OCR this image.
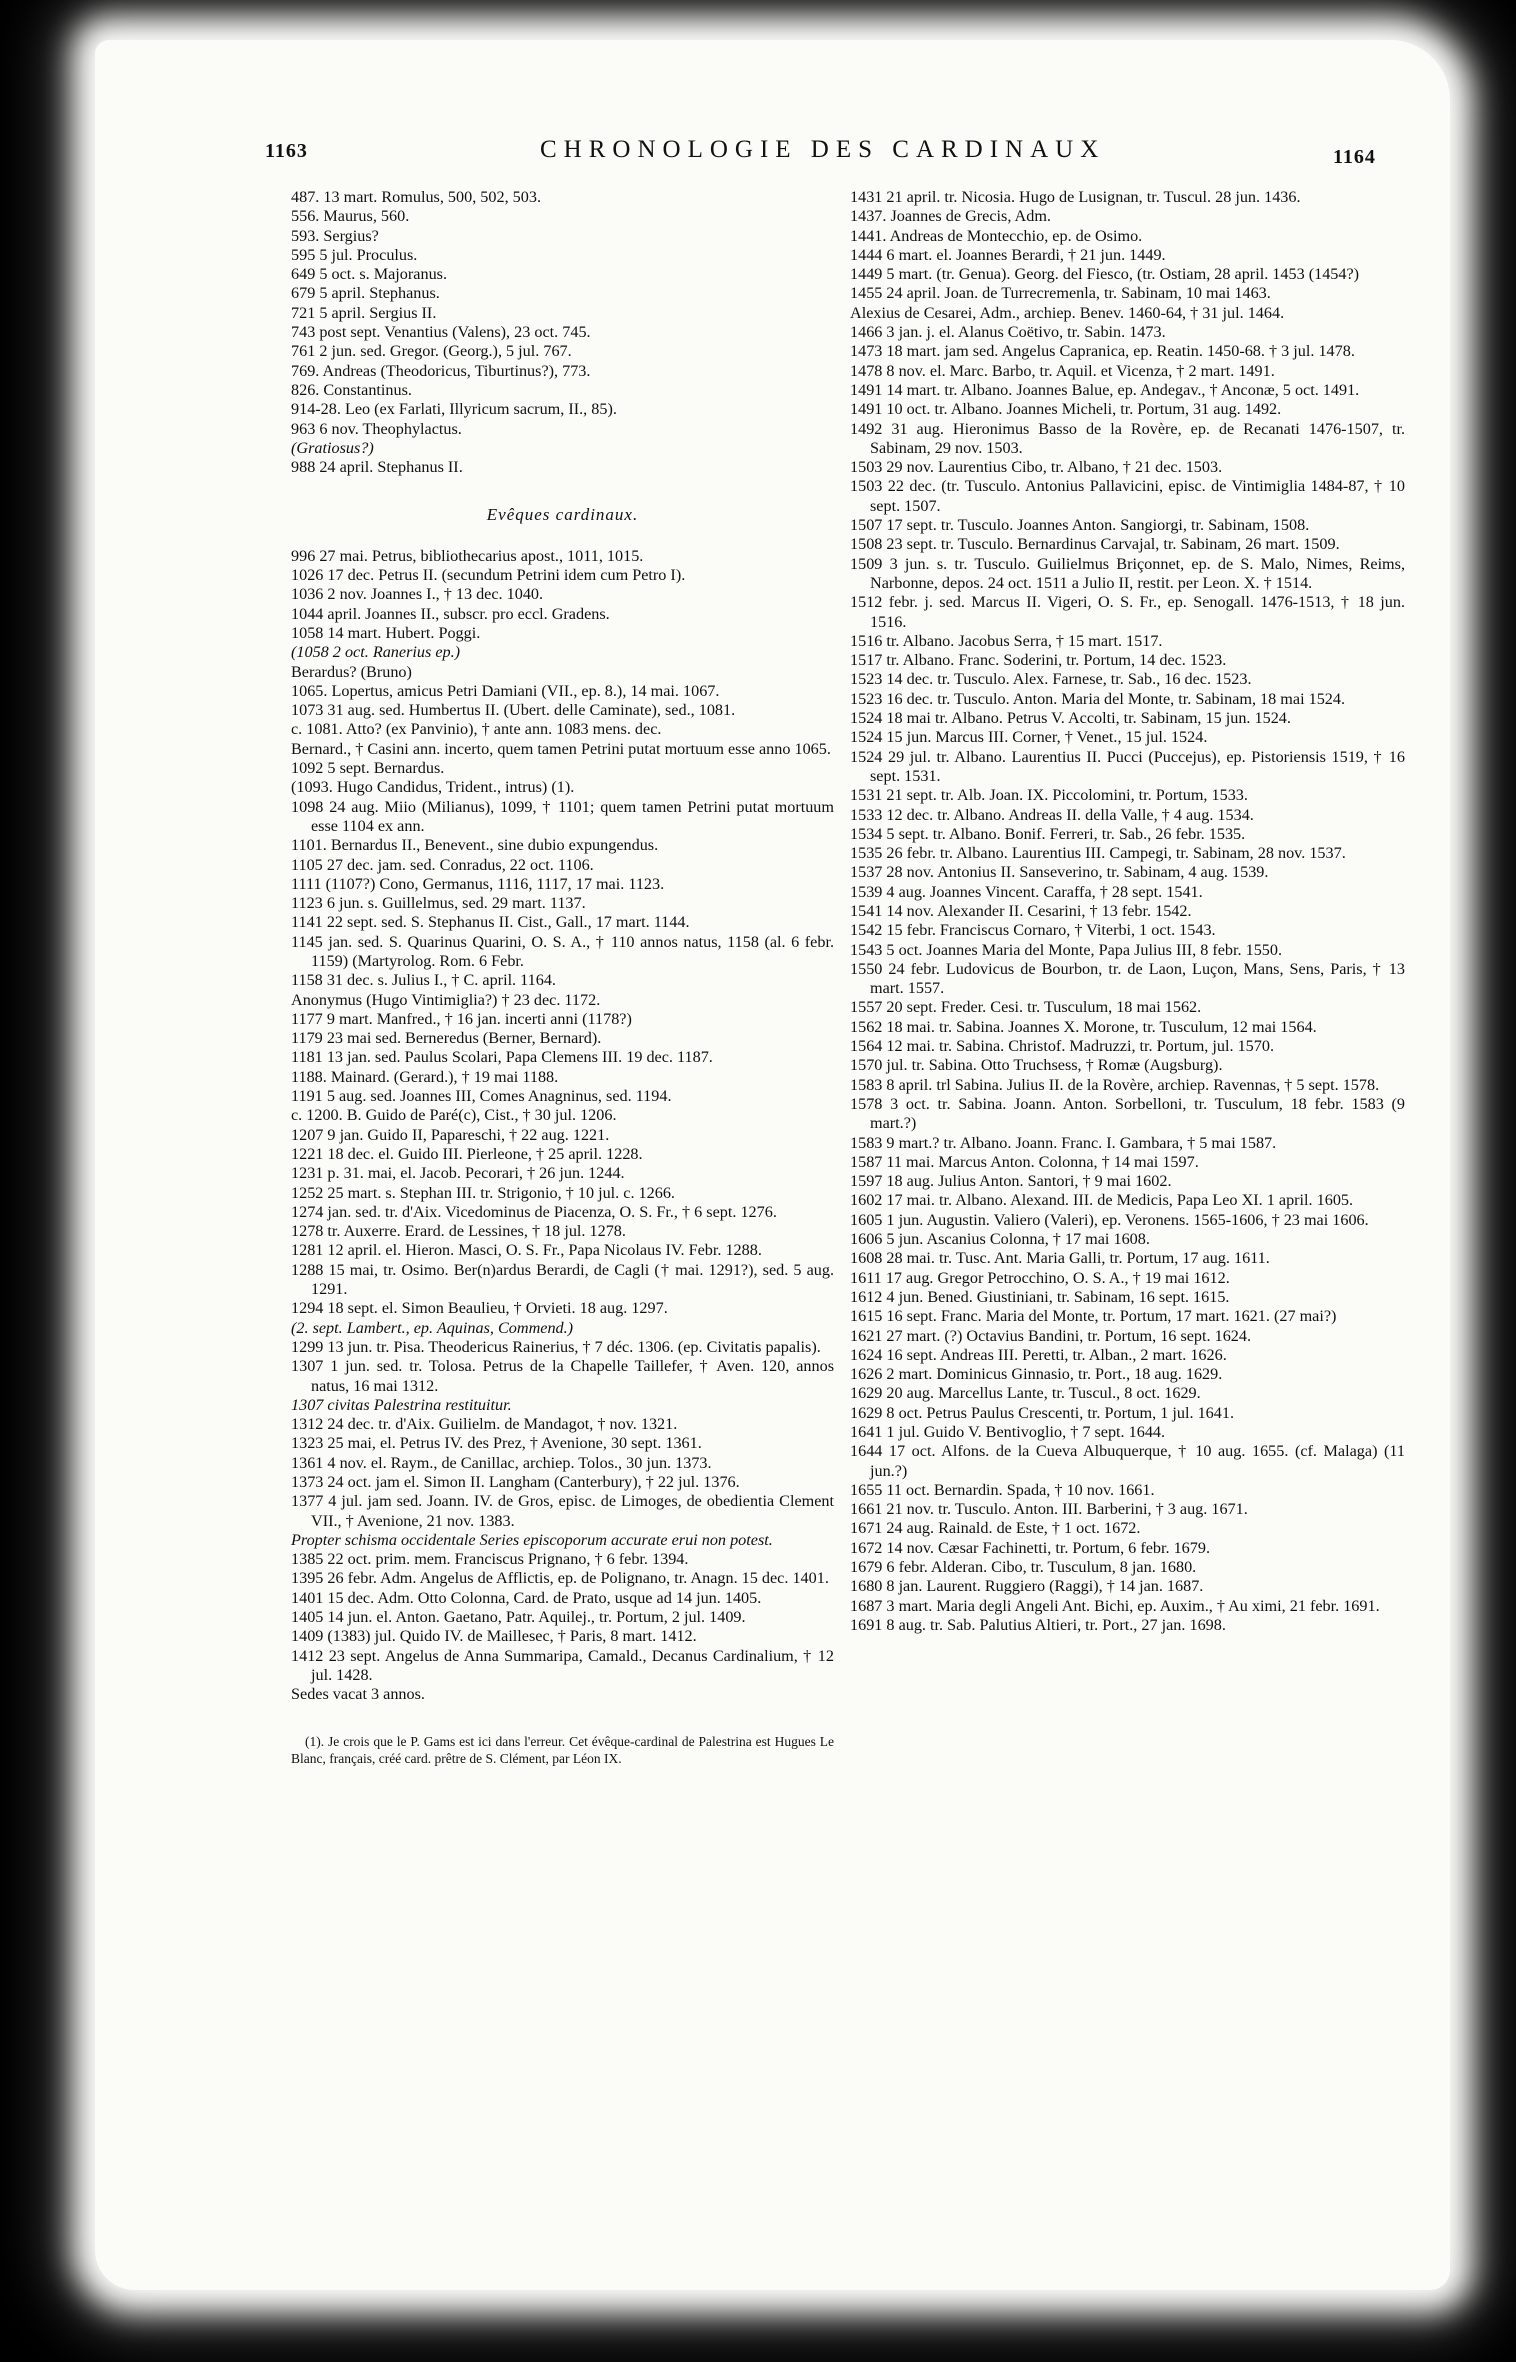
1163	CHRONOLOGIE DES CARDINAUX	1164

487. 13 mart. Romulus, 500, 502, 503.

556. Maurus, 560.

593. Sergius?

595 5 jul. Proculus.

649 5 oct. s. Majoranus.

679 5 april. Stephanus.

721 5 april. Sergius II.

743 post sept. Venantius (Valens), 23 oct. 745.

761 2 jun. sed. Gregor. (Georg.), 5 jul. 767.

769. Andreas (Theodoricus, Tiburtinus?), 773.

826. Constantinus.

914-28. Leo (ex Farlati, Illyricum sacrum, II., 85).

963 6 nov. Theophylactus.

(Gratiosus?)

988 24 april. Stephanus II.

Evêques cardinaux.

996 27 mai. Petrus, bibliothecarius apost., 1011, 1015.

1026 17 dec. Petrus II. (secundum Petrini idem cum Petro I).

1036 2 nov. Joannes I., † 13 dec. 1040.

1044 april. Joannes II., subscr. pro eccl. Gradens.

1058 14 mart. Hubert. Poggi.

(1058 2 oct. Ranerius ep.)

Berardus? (Bruno)

1065. Lopertus, amicus Petri Damiani (VII., ep. 8.), 14 mai. 1067.

1073 31 aug. sed. Humbertus II. (Ubert. delle Caminate), sed., 1081.

c. 1081. Atto? (ex Panvinio), † ante ann. 1083 mens. dec.

Bernard., † Casini ann. incerto, quem tamen Petrini putat mortuum esse anno 1065.

1092 5 sept. Bernardus.

(1093. Hugo Candidus, Trident., intrus) (1).

1098 24 aug. Miio (Milianus), 1099, † 1101; quem tamen Petrini putat mortuum esse 1104 ex ann.

1101. Bernardus II., Benevent., sine dubio expungendus.

1105 27 dec. jam. sed. Conradus, 22 oct. 1106.

1111 (1107?) Cono, Germanus, 1116, 1117, 17 mai. 1123.

1123 6 jun. s. Guillelmus, sed. 29 mart. 1137.

1141 22 sept. sed. S. Stephanus II. Cist., Gall., 17 mart. 1144.

1145 jan. sed. S. Quarinus Quarini, O. S. A., † 110 annos natus, 1158 (al. 6 febr. 1159) (Martyrolog. Rom. 6 Febr.

1158 31 dec. s. Julius I., † C. april. 1164.

Anonymus (Hugo Vintimiglia?) † 23 dec. 1172.

1177 9 mart. Manfred., † 16 jan. incerti anni (1178?)

1179 23 mai sed. Berneredus (Berner, Bernard).

1181 13 jan. sed. Paulus Scolari, Papa Clemens III. 19 dec. 1187.

1188. Mainard. (Gerard.), † 19 mai 1188.

1191 5 aug. sed. Joannes III, Comes Anagninus, sed. 1194.

c. 1200. B. Guido de Paré(c), Cist., † 30 jul. 1206.

1207 9 jan. Guido II, Papareschi, † 22 aug. 1221.

1221 18 dec. el. Guido III. Pierleone, † 25 april. 1228.

1231 p. 31. mai, el. Jacob. Pecorari, † 26 jun. 1244.

1252 25 mart. s. Stephan III. tr. Strigonio, † 10 jul. c. 1266.

1274 jan. sed. tr. d'Aix. Vicedominus de Piacenza, O. S. Fr., † 6 sept. 1276.

1278 tr. Auxerre. Erard. de Lessines, † 18 jul. 1278.

1281 12 april. el. Hieron. Masci, O. S. Fr., Papa Nicolaus IV. Febr. 1288.

1288 15 mai, tr. Osimo. Ber(n)ardus Berardi, de Cagli († mai. 1291?), sed. 5 aug. 1291.

1294 18 sept. el. Simon Beaulieu, † Orvieti. 18 aug. 1297.

(2. sept. Lambert., ep. Aquinas, Commend.)

1299 13 jun. tr. Pisa. Theodericus Rainerius, † 7 déc. 1306. (ep. Civitatis papalis).

1307 1 jun. sed. tr. Tolosa. Petrus de la Chapelle Taillefer, † Aven. 120, annos natus, 16 mai 1312.

1307 civitas Palestrina restituitur.

1312 24 dec. tr. d'Aix. Guilielm. de Mandagot, † nov. 1321.

1323 25 mai, el. Petrus IV. des Prez, † Avenione, 30 sept. 1361.

1361 4 nov. el. Raym., de Canillac, archiep. Tolos., 30 jun. 1373.

1373 24 oct. jam el. Simon II. Langham (Canterbury), † 22 jul. 1376.

1377 4 jul. jam sed. Joann. IV. de Gros, episc. de Limoges, de obedientia Clement VII., † Avenione, 21 nov. 1383.

Propter schisma occidentale Series episcoporum accurate erui non potest.

1385 22 oct. prim. mem. Franciscus Prignano, † 6 febr. 1394.

1395 26 febr. Adm. Angelus de Afflictis, ep. de Polignano, tr. Anagn. 15 dec. 1401.

1401 15 dec. Adm. Otto Colonna, Card. de Prato, usque ad 14 jun. 1405.

1405 14 jun. el. Anton. Gaetano, Patr. Aquilej., tr. Portum, 2 jul. 1409.

1409 (1383) jul. Quido IV. de Maillesec, † Paris, 8 mart. 1412.

1412 23 sept. Angelus de Anna Summaripa, Camald., Decanus Cardinalium, † 12 jul. 1428.

Sedes vacat 3 annos.

(1). Je crois que le P. Gams est ici dans l'erreur. Cet évêque-cardinal de Palestrina est Hugues Le Blanc, français, créé card. prêtre de S. Clément, par Léon IX.

1431 21 april. tr. Nicosia. Hugo de Lusignan, tr. Tuscul. 28 jun. 1436.

1437. Joannes de Grecis, Adm.

1441. Andreas de Montecchio, ep. de Osimo.

1444 6 mart. el. Joannes Berardi, † 21 jun. 1449.

1449 5 mart. (tr. Genua). Georg. del Fiesco, (tr. Ostiam, 28 april. 1453 (1454?)

1455 24 april. Joan. de Turrecremenla, tr. Sabinam, 10 mai 1463.

Alexius de Cesarei, Adm., archiep. Benev. 1460-64, † 31 jul. 1464.

1466 3 jan. j. el. Alanus Coëtivo, tr. Sabin. 1473.

1473 18 mart. jam sed. Angelus Capranica, ep. Reatin. 1450-68. † 3 jul. 1478.

1478 8 nov. el. Marc. Barbo, tr. Aquil. et Vicenza, † 2 mart. 1491.

1491 14 mart. tr. Albano. Joannes Balue, ep. Andegav., † Anconæ, 5 oct. 1491.

1491 10 oct. tr. Albano. Joannes Micheli, tr. Portum, 31 aug. 1492.

1492 31 aug. Hieronimus Basso de la Rovère, ep. de Recanati 1476-1507, tr. Sabinam, 29 nov. 1503.

1503 29 nov. Laurentius Cibo, tr. Albano, † 21 dec. 1503.

1503 22 dec. (tr. Tusculo. Antonius Pallavicini, episc. de Vintimiglia 1484-87, † 10 sept. 1507.

1507 17 sept. tr. Tusculo. Joannes Anton. Sangiorgi, tr. Sabinam, 1508.

1508 23 sept. tr. Tusculo. Bernardinus Carvajal, tr. Sabinam, 26 mart. 1509.

1509 3 jun. s. tr. Tusculo. Guilielmus Briçonnet, ep. de S. Malo, Nimes, Reims, Narbonne, depos. 24 oct. 1511 a Julio II, restit. per Leon. X. † 1514.

1512 febr. j. sed. Marcus II. Vigeri, O. S. Fr., ep. Senogall. 1476-1513, † 18 jun. 1516.

1516 tr. Albano. Jacobus Serra, † 15 mart. 1517.

1517 tr. Albano. Franc. Soderini, tr. Portum, 14 dec. 1523.

1523 14 dec. tr. Tusculo. Alex. Farnese, tr. Sab., 16 dec. 1523.

1523 16 dec. tr. Tusculo. Anton. Maria del Monte, tr. Sabinam, 18 mai 1524.

1524 18 mai tr. Albano. Petrus V. Accolti, tr. Sabinam, 15 jun. 1524.

1524 15 jun. Marcus III. Corner, † Venet., 15 jul. 1524.

1524 29 jul. tr. Albano. Laurentius II. Pucci (Puccejus), ep. Pistoriensis 1519, † 16 sept. 1531.

1531 21 sept. tr. Alb. Joan. IX. Piccolomini, tr. Portum, 1533.

1533 12 dec. tr. Albano. Andreas II. della Valle, † 4 aug. 1534.

1534 5 sept. tr. Albano. Bonif. Ferreri, tr. Sab., 26 febr. 1535.

1535 26 febr. tr. Albano. Laurentius III. Campegi, tr. Sabinam, 28 nov. 1537.

1537 28 nov. Antonius II. Sanseverino, tr. Sabinam, 4 aug. 1539.

1539 4 aug. Joannes Vincent. Caraffa, † 28 sept. 1541.

1541 14 nov. Alexander II. Cesarini, † 13 febr. 1542.

1542 15 febr. Franciscus Cornaro, † Viterbi, 1 oct. 1543.

1543 5 oct. Joannes Maria del Monte, Papa Julius III, 8 febr. 1550.

1550 24 febr. Ludovicus de Bourbon, tr. de Laon, Luçon, Mans, Sens, Paris, † 13 mart. 1557.

1557 20 sept. Freder. Cesi. tr. Tusculum, 18 mai 1562.

1562 18 mai. tr. Sabina. Joannes X. Morone, tr. Tusculum, 12 mai 1564.

1564 12 mai. tr. Sabina. Christof. Madruzzi, tr. Portum, jul. 1570.

1570 jul. tr. Sabina. Otto Truchsess, † Romæ (Augsburg).

1583 8 april. trl Sabina. Julius II. de la Rovère, archiep. Ravennas, † 5 sept. 1578.

1578 3 oct. tr. Sabina. Joann. Anton. Sorbelloni, tr. Tusculum, 18 febr. 1583 (9 mart.?)

1583 9 mart.? tr. Albano. Joann. Franc. I. Gambara, † 5 mai 1587.

1587 11 mai. Marcus Anton. Colonna, † 14 mai 1597.

1597 18 aug. Julius Anton. Santori, † 9 mai 1602.

1602 17 mai. tr. Albano. Alexand. III. de Medicis, Papa Leo XI. 1 april. 1605.

1605 1 jun. Augustin. Valiero (Valeri), ep. Veronens. 1565-1606, † 23 mai 1606.

1606 5 jun. Ascanius Colonna, † 17 mai 1608.

1608 28 mai. tr. Tusc. Ant. Maria Galli, tr. Portum, 17 aug. 1611.

1611 17 aug. Gregor Petrocchino, O. S. A., † 19 mai 1612.

1612 4 jun. Bened. Giustiniani, tr. Sabinam, 16 sept. 1615.

1615 16 sept. Franc. Maria del Monte, tr. Portum, 17 mart. 1621. (27 mai?)

1621 27 mart. (?) Octavius Bandini, tr. Portum, 16 sept. 1624.

1624 16 sept. Andreas III. Peretti, tr. Alban., 2 mart. 1626.

1626 2 mart. Dominicus Ginnasio, tr. Port., 18 aug. 1629.

1629 20 aug. Marcellus Lante, tr. Tuscul., 8 oct. 1629.

1629 8 oct. Petrus Paulus Crescenti, tr. Portum, 1 jul. 1641.

1641 1 jul. Guido V. Bentivoglio, † 7 sept. 1644.

1644 17 oct. Alfons. de la Cueva Albuquerque, † 10 aug. 1655. (cf. Malaga) (11 jun.?)

1655 11 oct. Bernardin. Spada, † 10 nov. 1661.

1661 21 nov. tr. Tusculo. Anton. III. Barberini, † 3 aug. 1671.

1671 24 aug. Rainald. de Este, † 1 oct. 1672.

1672 14 nov. Cæsar Fachinetti, tr. Portum, 6 febr. 1679.

1679 6 febr. Alderan. Cibo, tr. Tusculum, 8 jan. 1680.

1680 8 jan. Laurent. Ruggiero (Raggi), † 14 jan. 1687.

1687 3 mart. Maria degli Angeli Ant. Bichi, ep. Auxim., † Au ximi, 21 febr. 1691.

1691 8 aug. tr. Sab. Palutius Altieri, tr. Port., 27 jan. 1698.
